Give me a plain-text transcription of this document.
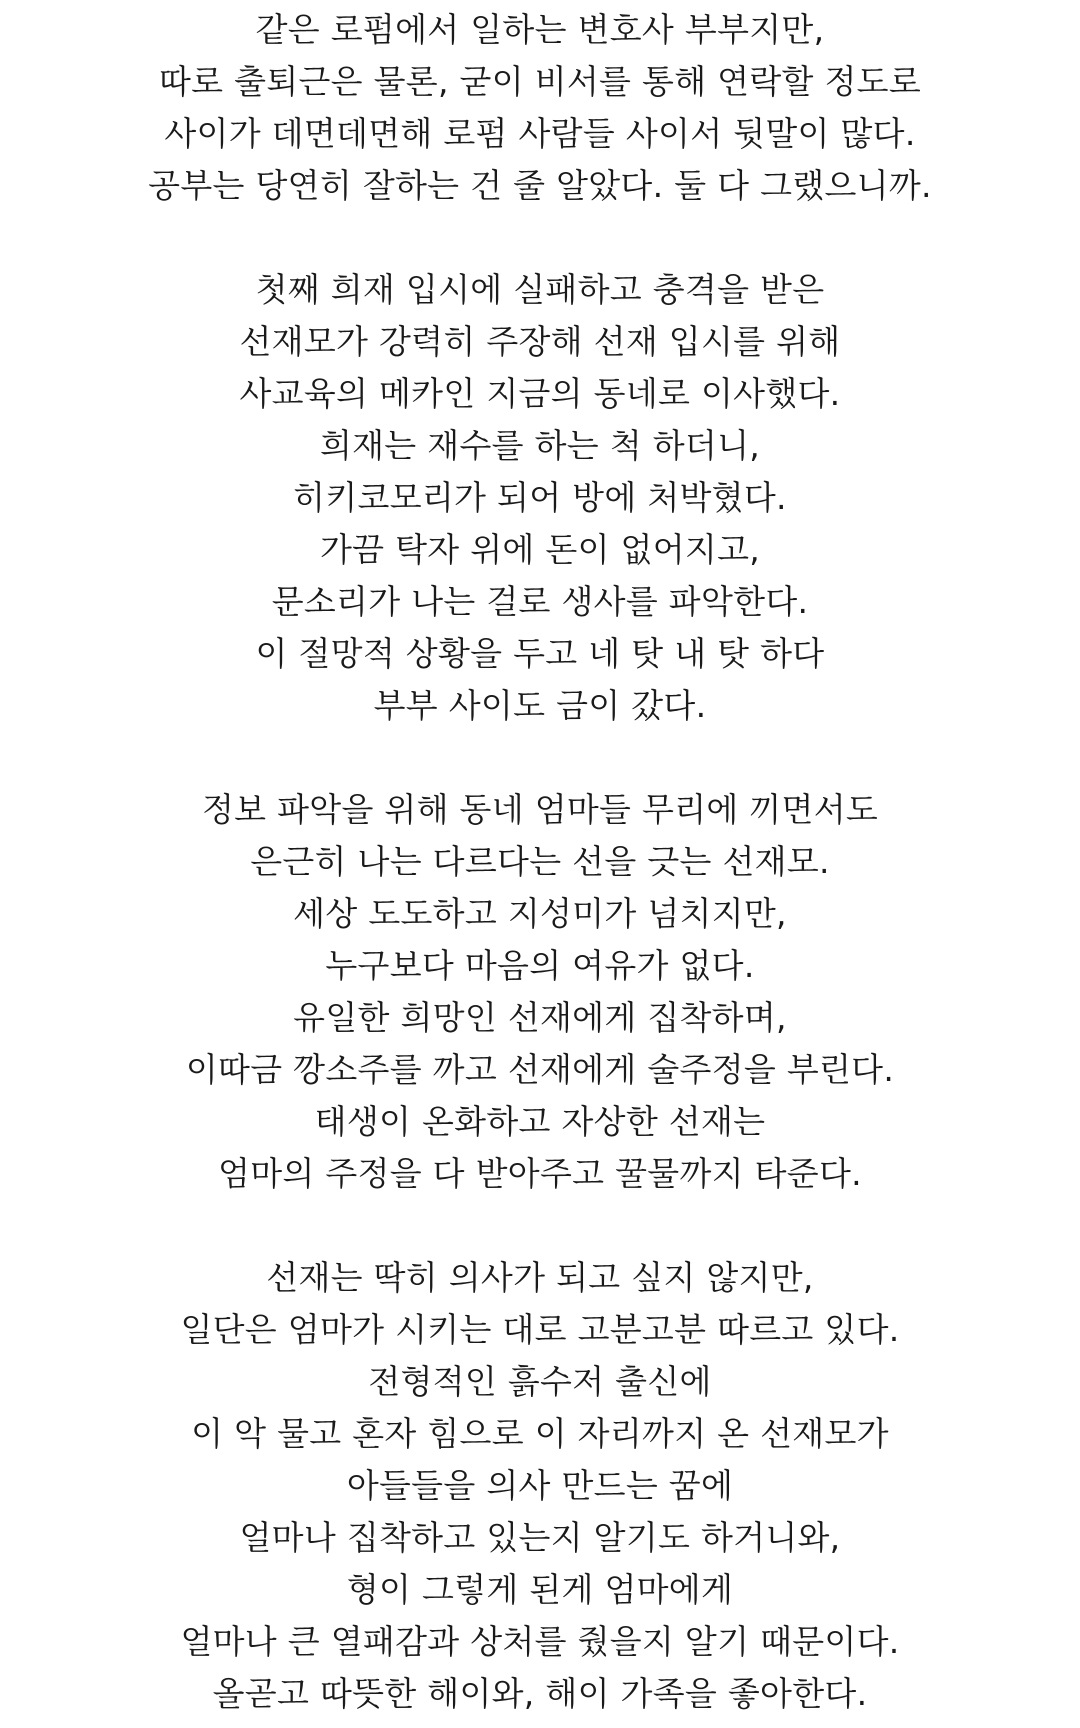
같은 로펌에서 일하는 변호사 부부지만,
따로 출퇴근은 물론, 굳이 비서를 통해 연락할 정도로
사이가 데면데면해 로펌 사람들 사이서 뒷말이 많다.
공부는 당연히 잘하는 건 줄 알았다. 둘 다 그랬으니까.
첫째 희재 입시에 실패하고 충격을 받은
선재모가 강력히 주장해 선재 입시를 위해
사교육의 메카인 지금의 동네로 이사했다.
희재는 재수를 하는 척 하더니,
히키코모리가 되어 방에 처박혔다.
가끔 탁자 위에 돈이 없어지고,
문소리가 나는 걸로 생사를 파악한다.
이 절망적 상황을 두고 네 탓 내 탓 하다
부부 사이도 금이 갔다.
정보 파악을 위해 동네 엄마들 무리에 끼면서도
은근히 나는 다르다는 선을 긋는 선재모.
세상 도도하고 지성미가 넘치지만,
누구보다 마음의 여유가 없다.
유일한 희망인 선재에게 집착하며,
이따금 깡소주를 까고 선재에게 술주정을 부린다.
태생이 온화하고 자상한 선재는
엄마의 주정을 다 받아주고 꿀물까지 타준다.
선재는 딱히 의사가 되고 싶지 않지만,
일단은 엄마가 시키는 대로 고분고분 따르고 있다.
전형적인 흙수저 출신에
이 악 물고 혼자 힘으로 이 자리까지 온 선재모가
아들들을 의사 만드는 꿈에
얼마나 집착하고 있는지 알기도 하거니와,
형이 그렇게 된게 엄마에게
얼마나 큰 열패감과 상처를 줬을지 알기 때문이다.
올곧고 따뜻한 해이와, 해이 가족을 좋아한다.
